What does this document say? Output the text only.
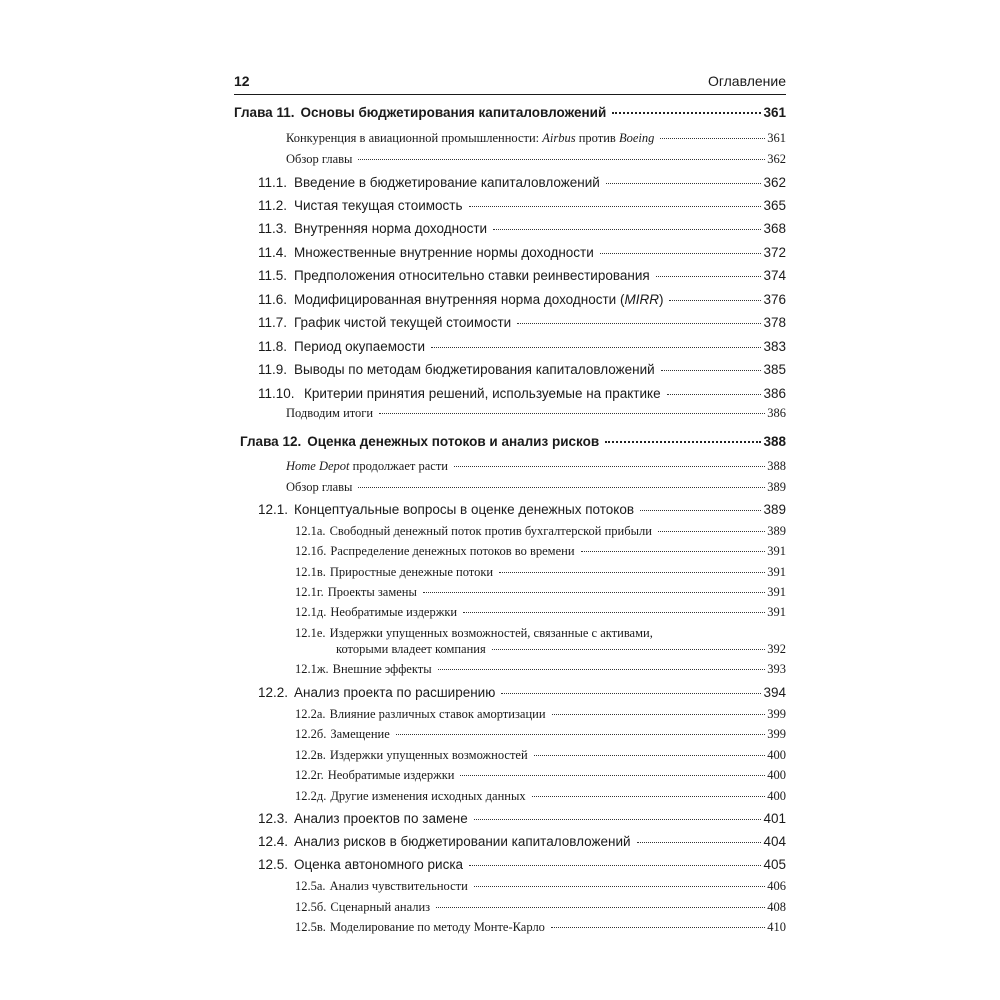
12	Оглавление
Глава 11. Основы бюджетирования капиталовложений	361
Конкуренция в авиационной промышленности: Airbus против Boeing	361
Обзор главы	362
11.1. Введение в бюджетирование капиталовложений	362
11.2. Чистая текущая стоимость	365
11.3. Внутренняя норма доходности	368
11.4. Множественные внутренние нормы доходности	372
11.5. Предположения относительно ставки реинвестирования	374
11.6. Модифицированная внутренняя норма доходности (MIRR)	376
11.7. График чистой текущей стоимости	378
11.8. Период окупаемости	383
11.9. Выводы по методам бюджетирования капиталовложений	385
11.10. Критерии принятия решений, используемые на практике	386
Подводим итоги	386
Глава 12. Оценка денежных потоков и анализ рисков	388
Home Depot продолжает расти	388
Обзор главы	389
12.1. Концептуальные вопросы в оценке денежных потоков	389
12.1а. Свободный денежный поток против бухгалтерской прибыли	389
12.1б. Распределение денежных потоков во времени	391
12.1в. Приростные денежные потоки	391
12.1г. Проекты замены	391
12.1д. Необратимые издержки	391
12.1е. Издержки упущенных возможностей, связанные с активами,
которыми владеет компания	392
12.1ж. Внешние эффекты	393
12.2. Анализ проекта по расширению	394
12.2а. Влияние различных ставок амортизации	399
12.2б. Замещение	399
12.2в. Издержки упущенных возможностей	400
12.2г. Необратимые издержки	400
12.2д. Другие изменения исходных данных	400
12.3. Анализ проектов по замене	401
12.4. Анализ рисков в бюджетировании капиталовложений	404
12.5. Оценка автономного риска	405
12.5а. Анализ чувствительности	406
12.5б. Сценарный анализ	408
12.5в. Моделирование по методу Монте-Карло	410
